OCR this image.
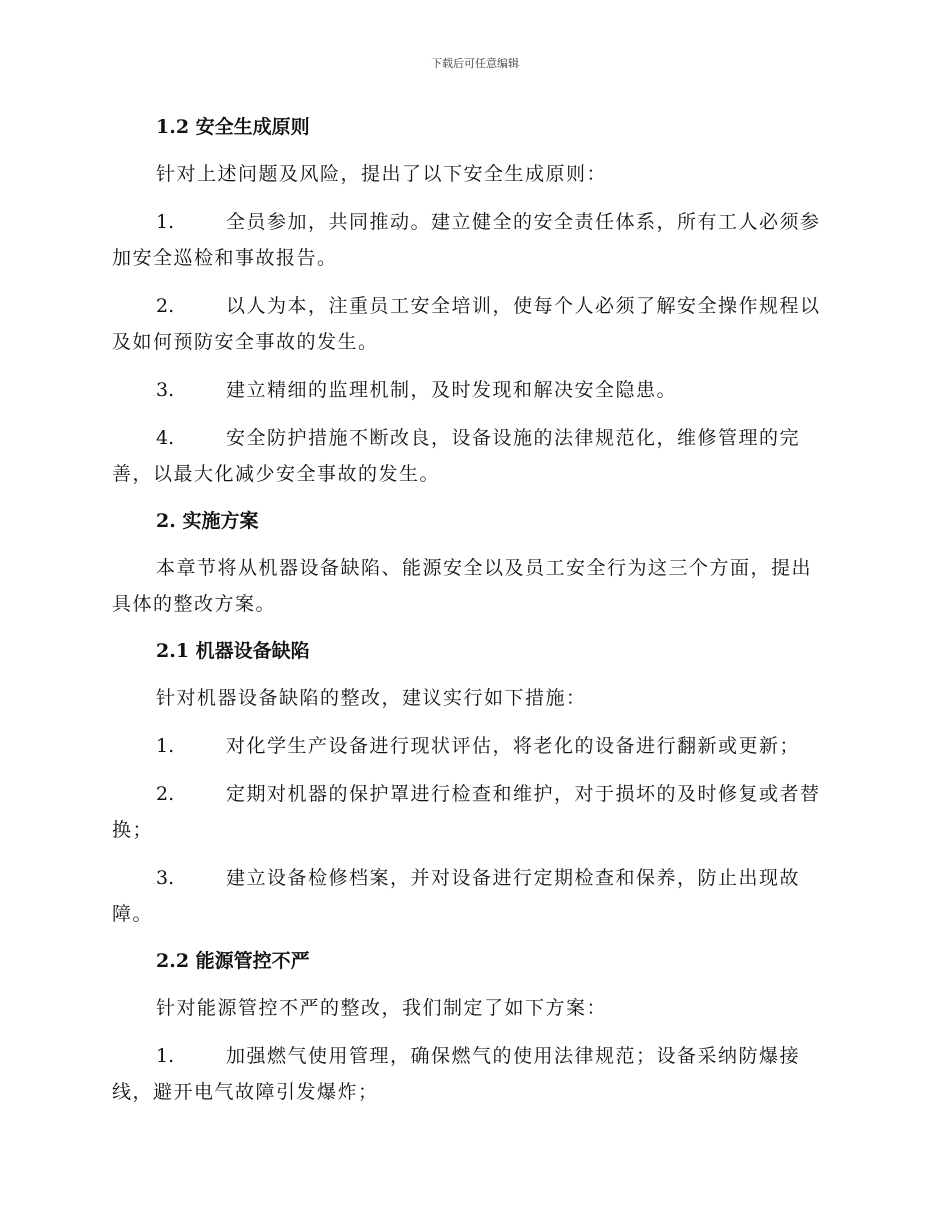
下载后可任意编辑
1.2 安全生成原则
针对上述问题及风险，提出了以下安全生成原则：
1.	全员参加，共同推动。建立健全的安全责任体系，所有工人必须参加安全巡检和事故报告。
2.	以人为本，注重员工安全培训，使每个人必须了解安全操作规程以及如何预防安全事故的发生。
3.	建立精细的监理机制，及时发现和解决安全隐患。
4.	安全防护措施不断改良，设备设施的法律规范化，维修管理的完善，以最大化减少安全事故的发生。
2. 实施方案
本章节将从机器设备缺陷、能源安全以及员工安全行为这三个方面，提出具体的整改方案。
2.1 机器设备缺陷
针对机器设备缺陷的整改，建议实行如下措施：
1.	对化学生产设备进行现状评估，将老化的设备进行翻新或更新；
2.	定期对机器的保护罩进行检查和维护，对于损坏的及时修复或者替换；
3.	建立设备检修档案，并对设备进行定期检查和保养，防止出现故障。
2.2 能源管控不严
针对能源管控不严的整改，我们制定了如下方案：
1.	加强燃气使用管理，确保燃气的使用法律规范；设备采纳防爆接线，避开电气故障引发爆炸；
